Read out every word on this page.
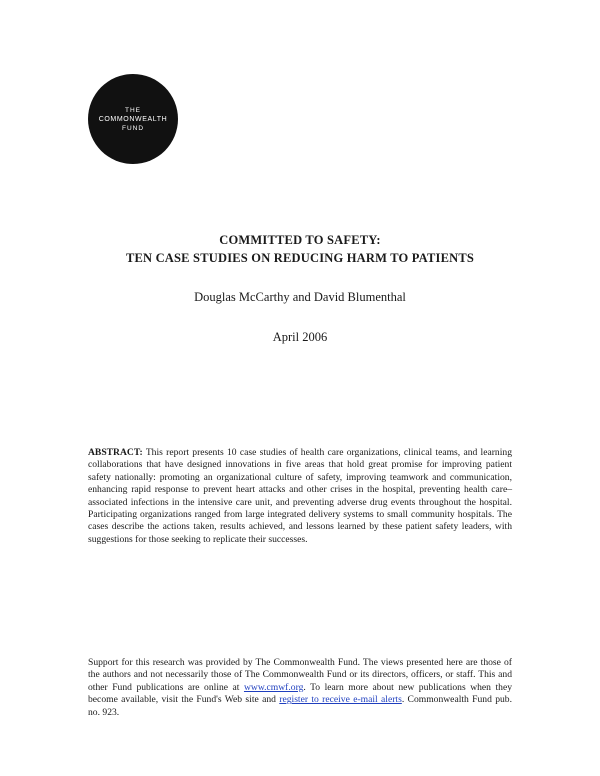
THE
COMMONWEALTH
FUND
COMMITTED TO SAFETY:
TEN CASE STUDIES ON REDUCING HARM TO PATIENTS
Douglas McCarthy and David Blumenthal
April 2006
ABSTRACT: This report presents 10 case studies of health care organizations, clinical teams, and learning collaborations that have designed innovations in five areas that hold great promise for improving patient safety nationally: promoting an organizational culture of safety, improving teamwork and communication, enhancing rapid response to prevent heart attacks and other crises in the hospital, preventing health care–associated infections in the intensive care unit, and preventing adverse drug events throughout the hospital. Participating organizations ranged from large integrated delivery systems to small community hospitals. The cases describe the actions taken, results achieved, and lessons learned by these patient safety leaders, with suggestions for those seeking to replicate their successes.
Support for this research was provided by The Commonwealth Fund. The views presented here are those of the authors and not necessarily those of The Commonwealth Fund or its directors, officers, or staff. This and other Fund publications are online at www.cmwf.org. To learn more about new publications when they become available, visit the Fund's Web site and register to receive e-mail alerts. Commonwealth Fund pub. no. 923.
